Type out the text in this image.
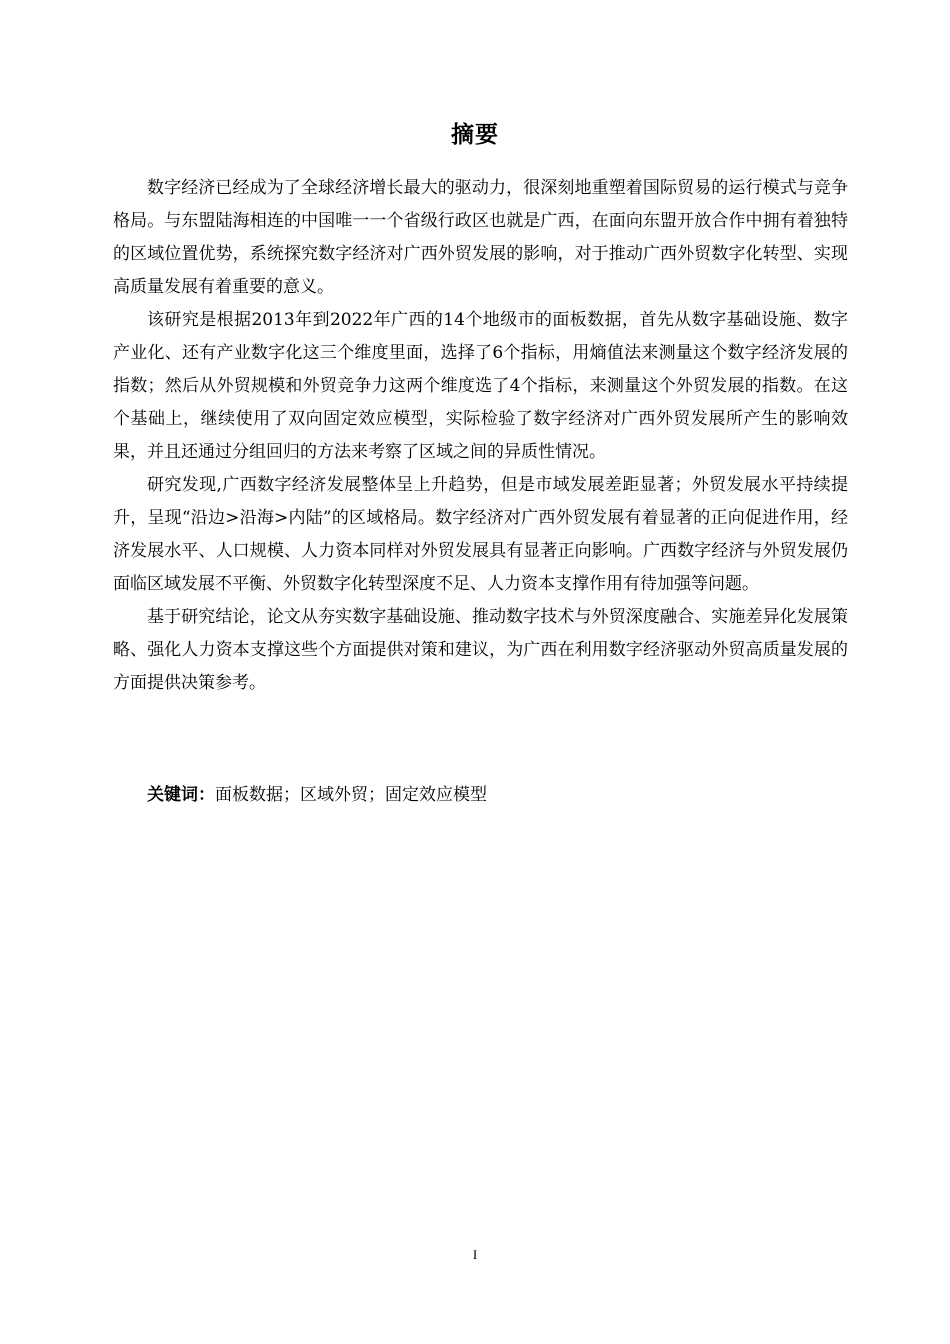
摘要

数字经济已经成为了全球经济增长最大的驱动力，很深刻地重塑着国际贸易的运行模式与竞争格局。与东盟陆海相连的中国唯一一个省级行政区也就是广西，在面向东盟开放合作中拥有着独特的区域位置优势，系统探究数字经济对广西外贸发展的影响，对于推动广西外贸数字化转型、实现高质量发展有着重要的意义。

该研究是根据2013年到2022年广西的14个地级市的面板数据，首先从数字基础设施、数字产业化、还有产业数字化这三个维度里面，选择了6个指标，用熵值法来测量这个数字经济发展的指数；然后从外贸规模和外贸竞争力这两个维度选了4个指标，来测量这个外贸发展的指数。在这个基础上，继续使用了双向固定效应模型，实际检验了数字经济对广西外贸发展所产生的影响效果，并且还通过分组回归的方法来考察了区域之间的异质性情况。

研究发现,广西数字经济发展整体呈上升趋势，但是市域发展差距显著；外贸发展水平持续提升，呈现“沿边>沿海>内陆”的区域格局。数字经济对广西外贸发展有着显著的正向促进作用，经济发展水平、人口规模、人力资本同样对外贸发展具有显著正向影响。广西数字经济与外贸发展仍面临区域发展不平衡、外贸数字化转型深度不足、人力资本支撑作用有待加强等问题。

基于研究结论，论文从夯实数字基础设施、推动数字技术与外贸深度融合、实施差异化发展策略、强化人力资本支撑这些个方面提供对策和建议，为广西在利用数字经济驱动外贸高质量发展的方面提供决策参考。

关键词：面板数据；区域外贸；固定效应模型
I
